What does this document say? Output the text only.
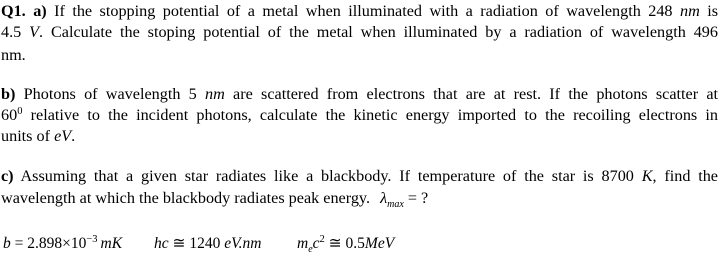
Q1. a) If the stopping potential of a metal when illuminated with a radiation of wavelength 248 nm is
4.5 V. Calculate the stoping potential of the metal when illuminated by a radiation of wavelength 496
nm.
b) Photons of wavelength 5 nm are scattered from electrons that are at rest. If the photons scatter at
$60^0$ relative to the incident photons, calculate the kinetic energy imported to the recoiling electrons in
units of eV.
c) Assuming that a given star radiates like a blackbody. If temperature of the star is 8700 K, find the
wavelength at which the blackbody radiates peak energy. $\lambda_{max}$ = ?
$b = 2.898\times 10^{-3}$ mK hc ≅ 1240 eV.nm $m_ec^2$ ≅ 0.5MeV
